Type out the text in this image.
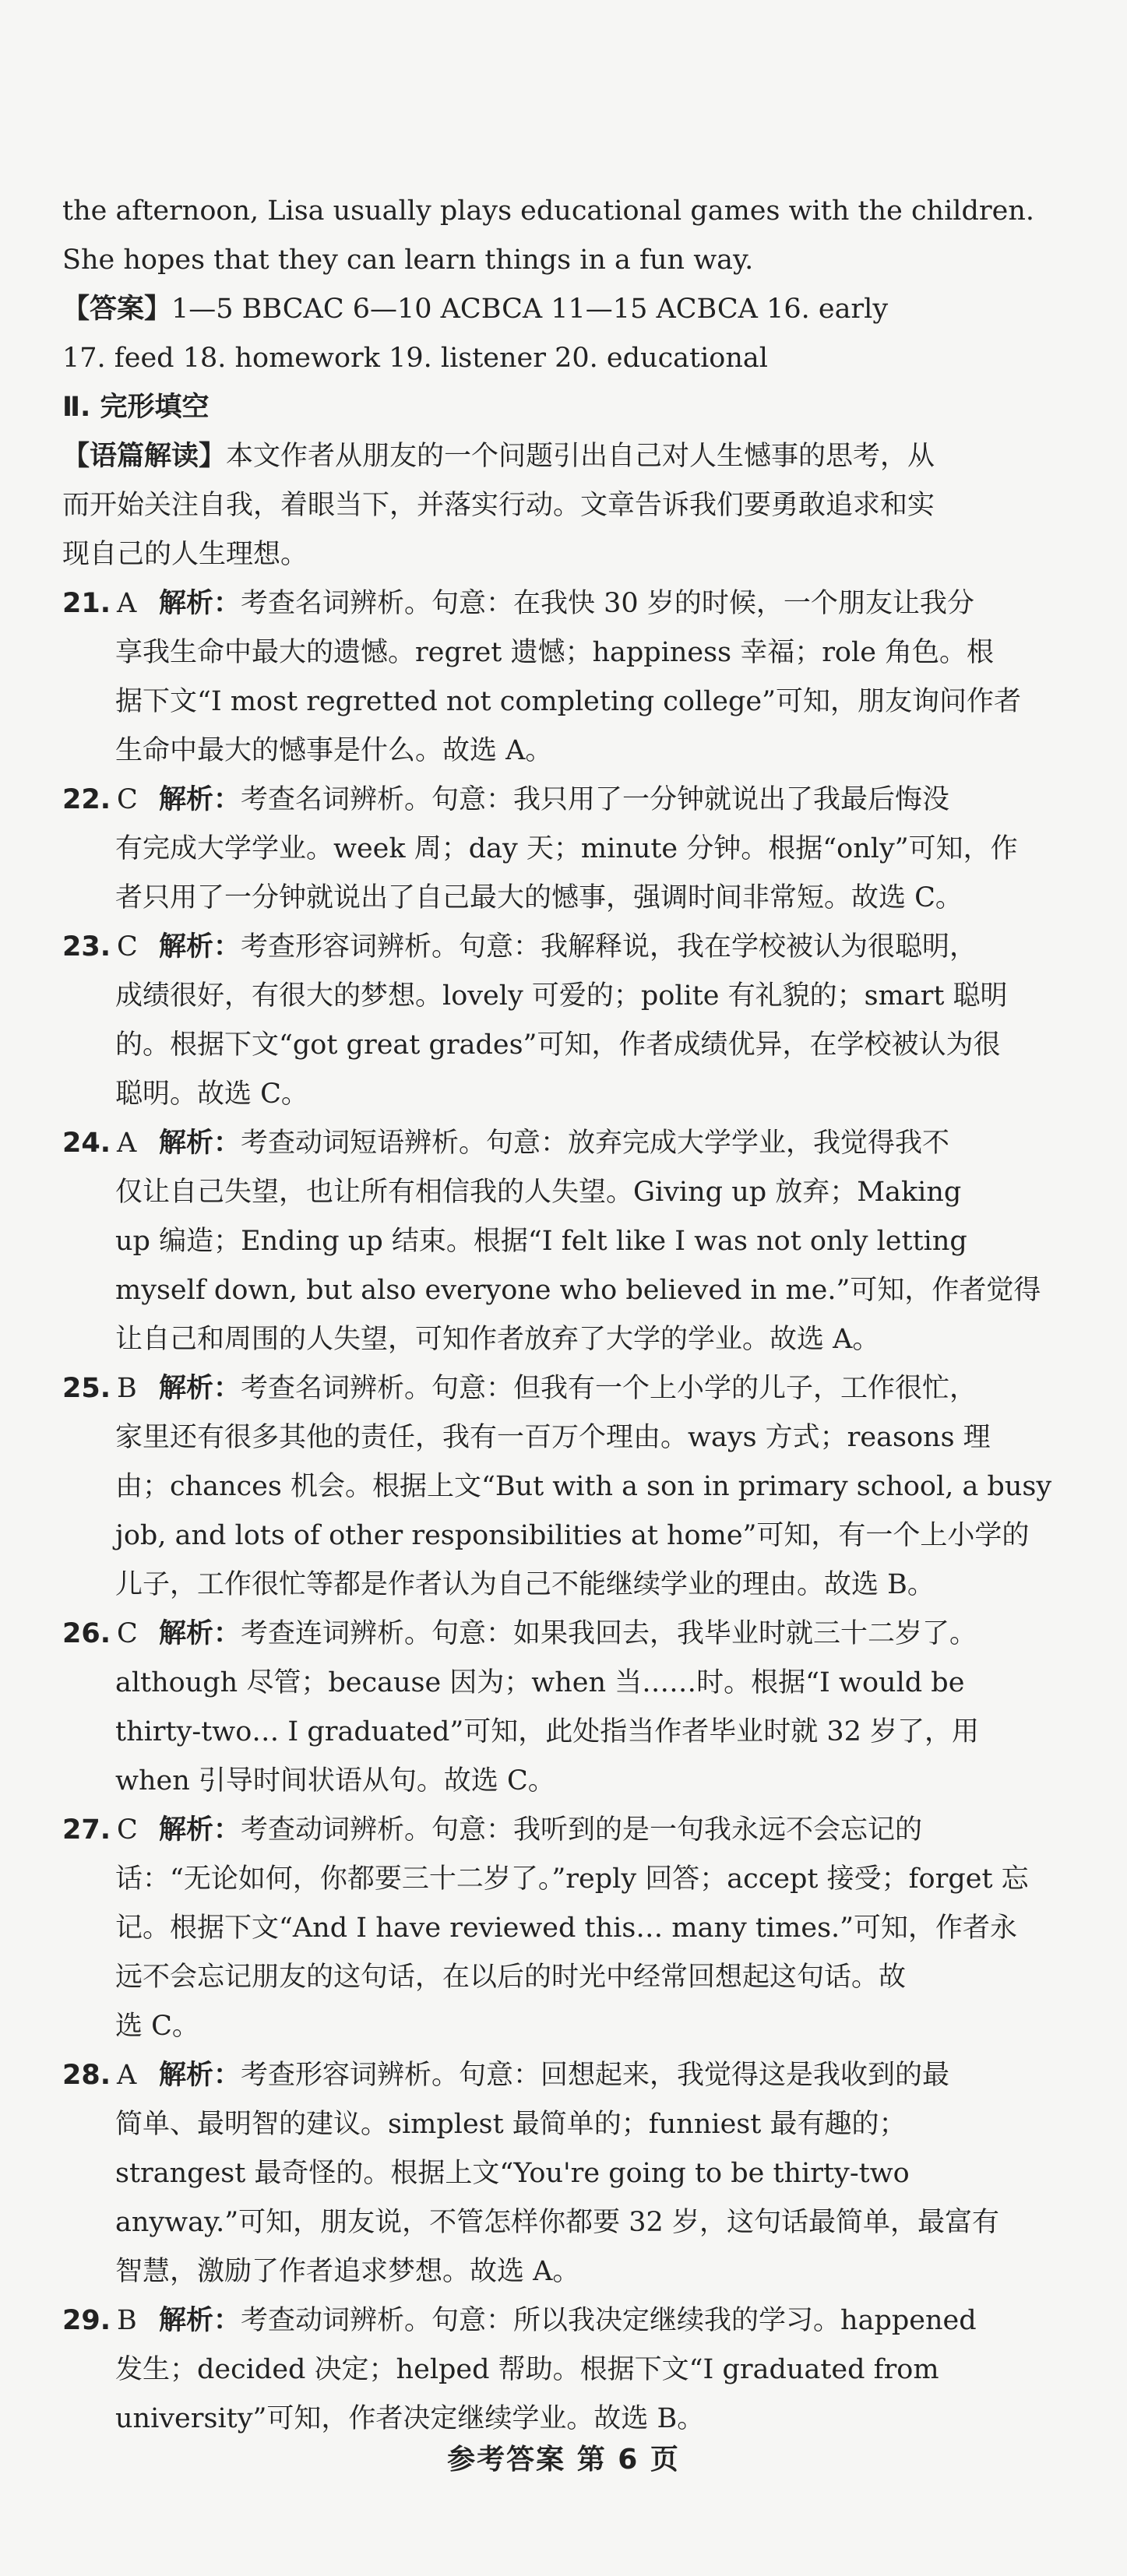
the afternoon, Lisa usually plays educational games with the children.

She hopes that they can learn things in a fun way.

【答案】1—5 BBCAC 6—10 ACBCA 11—15 ACBCA 16. early

17. feed 18. homework 19. listener 20. educational

Ⅱ. 完形填空

【语篇解读】本文作者从朋友的一个问题引出自己对人生憾事的思考，从

而开始关注自我，着眼当下，并落实行动。文章告诉我们要勇敢追求和实

现自己的人生理想。

21. A 解析：考查名词辨析。句意：在我快 30 岁的时候，一个朋友让我分

享我生命中最大的遗憾。regret 遗憾；happiness 幸福；role 角色。根

据下文“I most regretted not completing college”可知，朋友询问作者

生命中最大的憾事是什么。故选 A。

22. C 解析：考查名词辨析。句意：我只用了一分钟就说出了我最后悔没

有完成大学学业。week 周；day 天；minute 分钟。根据“only”可知，作

者只用了一分钟就说出了自己最大的憾事，强调时间非常短。故选 C。

23. C 解析：考查形容词辨析。句意：我解释说，我在学校被认为很聪明，

成绩很好，有很大的梦想。lovely 可爱的；polite 有礼貌的；smart 聪明

的。根据下文“got great grades”可知，作者成绩优异，在学校被认为很

聪明。故选 C。

24. A 解析：考查动词短语辨析。句意：放弃完成大学学业，我觉得我不

仅让自己失望，也让所有相信我的人失望。Giving up 放弃；Making

up 编造；Ending up 结束。根据“I felt like I was not only letting

myself down, but also everyone who believed in me.”可知，作者觉得

让自己和周围的人失望，可知作者放弃了大学的学业。故选 A。

25. B 解析：考查名词辨析。句意：但我有一个上小学的儿子，工作很忙，

家里还有很多其他的责任，我有一百万个理由。ways 方式；reasons 理

由；chances 机会。根据上文“But with a son in primary school, a busy

job, and lots of other responsibilities at home”可知，有一个上小学的

儿子，工作很忙等都是作者认为自己不能继续学业的理由。故选 B。

26. C 解析：考查连词辨析。句意：如果我回去，我毕业时就三十二岁了。

although 尽管；because 因为；when 当……时。根据“I would be

thirty-two… I graduated”可知，此处指当作者毕业时就 32 岁了，用

when 引导时间状语从句。故选 C。

27. C 解析：考查动词辨析。句意：我听到的是一句我永远不会忘记的

话：“无论如何，你都要三十二岁了。”reply 回答；accept 接受；forget 忘

记。根据下文“And I have reviewed this… many times.”可知，作者永

远不会忘记朋友的这句话，在以后的时光中经常回想起这句话。故

选 C。

28. A 解析：考查形容词辨析。句意：回想起来，我觉得这是我收到的最

简单、最明智的建议。simplest 最简单的；funniest 最有趣的；

strangest 最奇怪的。根据上文“You're going to be thirty-two

anyway.”可知，朋友说，不管怎样你都要 32 岁，这句话最简单，最富有

智慧，激励了作者追求梦想。故选 A。

29. B 解析：考查动词辨析。句意：所以我决定继续我的学习。happened

发生；decided 决定；helped 帮助。根据下文“I graduated from

university”可知，作者决定继续学业。故选 B。

参考答案 第 6 页
